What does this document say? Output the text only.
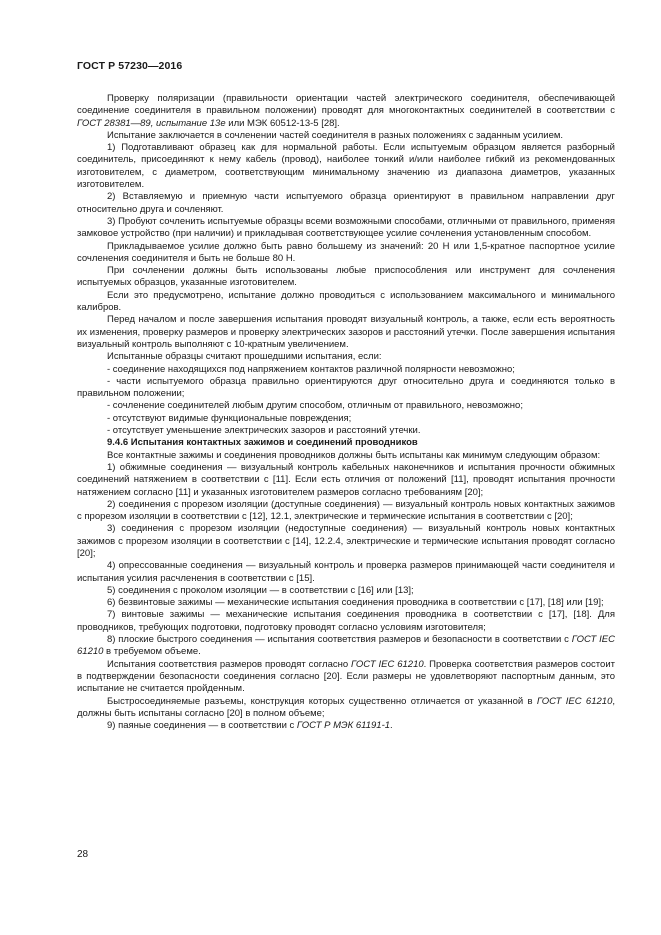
ГОСТ Р 57230—2016

Проверку поляризации (правильности ориентации частей электрического соединителя, обеспечивающей соединение соединителя в правильном положении) проводят для многоконтактных соединителей в соответствии с ГОСТ 28381—89, испытание 13е или МЭК 60512-13-5 [28].

Испытание заключается в сочленении частей соединителя в разных положениях с заданным усилием.

1) Подготавливают образец как для нормальной работы. Если испытуемым образцом является разборный соединитель, присоединяют к нему кабель (провод), наиболее тонкий и/или наиболее гибкий из рекомендованных изготовителем, с диаметром, соответствующим минимальному значению из диапазона диаметров, указанных изготовителем.

2) Вставляемую и приемную части испытуемого образца ориентируют в правильном направлении друг относительно друга и сочленяют.

3) Пробуют сочленить испытуемые образцы всеми возможными способами, отличными от правильного, применяя замковое устройство (при наличии) и прикладывая соответствующее усилие сочленения установленным способом.

Прикладываемое усилие должно быть равно большему из значений: 20 Н или 1,5-кратное паспортное усилие сочленения соединителя и быть не больше 80 Н.

При сочленении должны быть использованы любые приспособления или инструмент для сочленения испытуемых образцов, указанные изготовителем.

Если это предусмотрено, испытание должно проводиться с использованием максимального и минимального калибров.

Перед началом и после завершения испытания проводят визуальный контроль, а также, если есть вероятность их изменения, проверку размеров и проверку электрических зазоров и расстояний утечки. После завершения испытания визуальный контроль выполняют с 10-кратным увеличением.

Испытанные образцы считают прошедшими испытания, если:

- соединение находящихся под напряжением контактов различной полярности невозможно;

- части испытуемого образца правильно ориентируются друг относительно друга и соединяются только в правильном положении;

- сочленение соединителей любым другим способом, отличным от правильного, невозможно;

- отсутствуют видимые функциональные повреждения;

- отсутствует уменьшение электрических зазоров и расстояний утечки.

9.4.6 Испытания контактных зажимов и соединений проводников

Все контактные зажимы и соединения проводников должны быть испытаны как минимум следующим образом:

1) обжимные соединения — визуальный контроль кабельных наконечников и испытания прочности обжимных соединений натяжением в соответствии с [11]. Если есть отличия от положений [11], проводят испытания прочности натяжением согласно [11] и указанных изготовителем размеров согласно требованиям [20];

2) соединения с прорезом изоляции (доступные соединения) — визуальный контроль новых контактных зажимов с прорезом изоляции в соответствии с [12], 12.1, электрические и термические испытания в соответствии с [20];

3) соединения с прорезом изоляции (недоступные соединения) — визуальный контроль новых контактных зажимов с прорезом изоляции в соответствии с [14], 12.2.4, электрические и термические испытания проводят согласно [20];

4) опрессованные соединения — визуальный контроль и проверка размеров принимающей части соединителя и испытания усилия расчленения в соответствии с [15].

5) соединения с проколом изоляции — в соответствии с [16] или [13];

6) безвинтовые зажимы — механические испытания соединения проводника в соответствии с [17], [18] или [19];

7) винтовые зажимы — механические испытания соединения проводника в соответствии с [17], [18]. Для проводников, требующих подготовки, подготовку проводят согласно условиям изготовителя;

8) плоские быстрого соединения — испытания соответствия размеров и безопасности в соответствии с ГОСТ IEC 61210 в требуемом объеме.

Испытания соответствия размеров проводят согласно ГОСТ IEC 61210. Проверка соответствия размеров состоит в подтверждении безопасности соединения согласно [20]. Если размеры не удовлетворяют паспортным данным, это испытание не считается пройденным.

Быстросоединяемые разъемы, конструкция которых существенно отличается от указанной в ГОСТ IEC 61210, должны быть испытаны согласно [20] в полном объеме;

9) паяные соединения — в соответствии с ГОСТ Р МЭК 61191-1.

28
